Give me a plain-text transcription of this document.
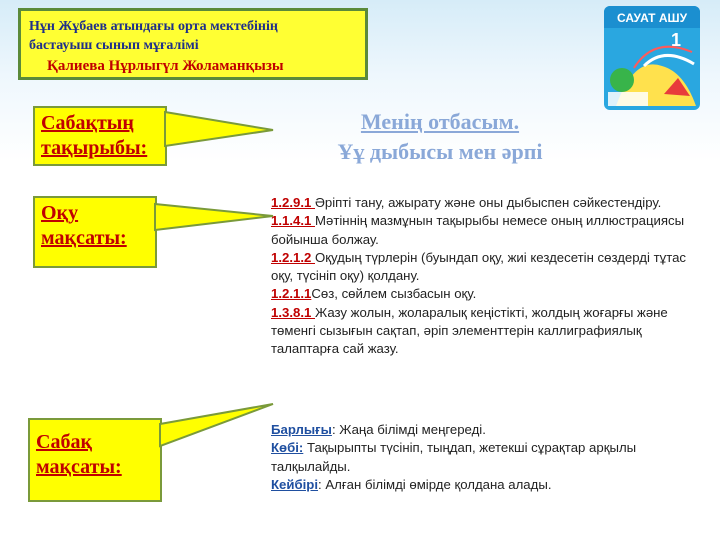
Нұн Жұбаев атындағы орта мектебінің
бастауыш сынып мұғалімі
Қалиева Нұрлыгүл Жоламанқызы
САУАТ АШУ
1
Сабақтың тақырыбы:
Оқу мақсаты:
Сабақ мақсаты:
Менің отбасым.
Ұұ дыбысы мен әрпі
1.2.9.1 Әріпті тану, ажырату және оны дыбыспен сәйкестендіру.
1.1.4.1 Мәтіннің мазмұнын тақырыбы немесе оның иллюстрациясы бойынша болжау.
1.2.1.2 Оқудың түрлерін (буындап оқу, жиі кездесетін сөздерді тұтас оқу, түсініп оқу) қолдану.
1.2.1.1Сөз, сөйлем сызбасын оқу.
1.3.8.1 Жазу жолын, жоларалық кеңістікті, жолдың жоғарғы және төменгі сызығын сақтап, әріп элементтерін каллиграфиялық талаптарға сай жазу.
Барлығы: Жаңа білімді меңгереді.
Көбі: Тақырыпты түсініп, тыңдап, жетекші сұрақтар арқылы талқылайды.
Кейбірі: Алған білімді өмірде қолдана алады.
